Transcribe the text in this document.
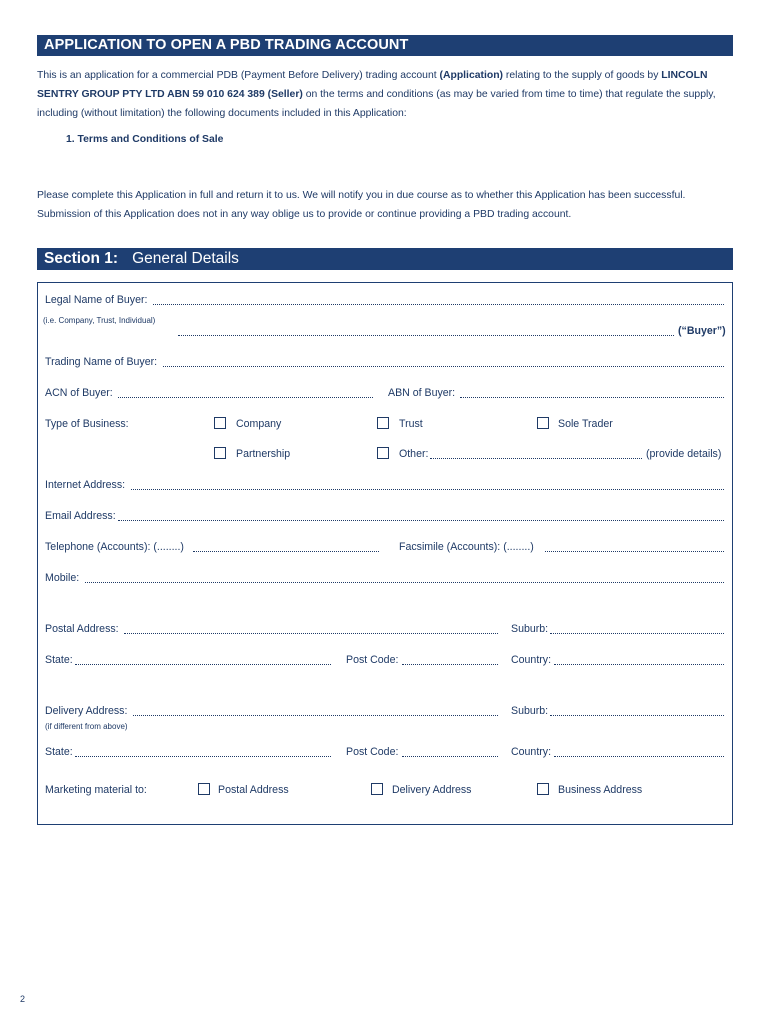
APPLICATION TO OPEN A PBD TRADING ACCOUNT
This is an application for a commercial PDB (Payment Before Delivery) trading account (Application) relating to the supply of goods by LINCOLN SENTRY GROUP PTY LTD ABN 59 010 624 389 (Seller) on the terms and conditions (as may be varied from time to time) that regulate the supply, including (without limitation) the following documents included in this Application:
1. Terms and Conditions of Sale
Please complete this Application in full and return it to us. We will notify you in due course as to whether this Application has been successful. Submission of this Application does not in any way oblige us to provide or continue providing a PBD trading account.
Section 1: General Details
Legal Name of Buyer:
(i.e. Company, Trust, Individual)
(“Buyer”)
Trading Name of Buyer:
ACN of Buyer:	ABN of Buyer:
Type of Business:	Company	Trust	Sole Trader
Partnership	Other:	(provide details)
Internet Address:
Email Address:
Telephone (Accounts): (........)	Facsimile (Accounts): (........)
Mobile:
Postal Address:	Suburb:
State:	Post Code:	Country:
Delivery Address:
(if different from above)
Suburb:
State:	Post Code:	Country:
Marketing material to:	Postal Address	Delivery Address	Business Address
2
